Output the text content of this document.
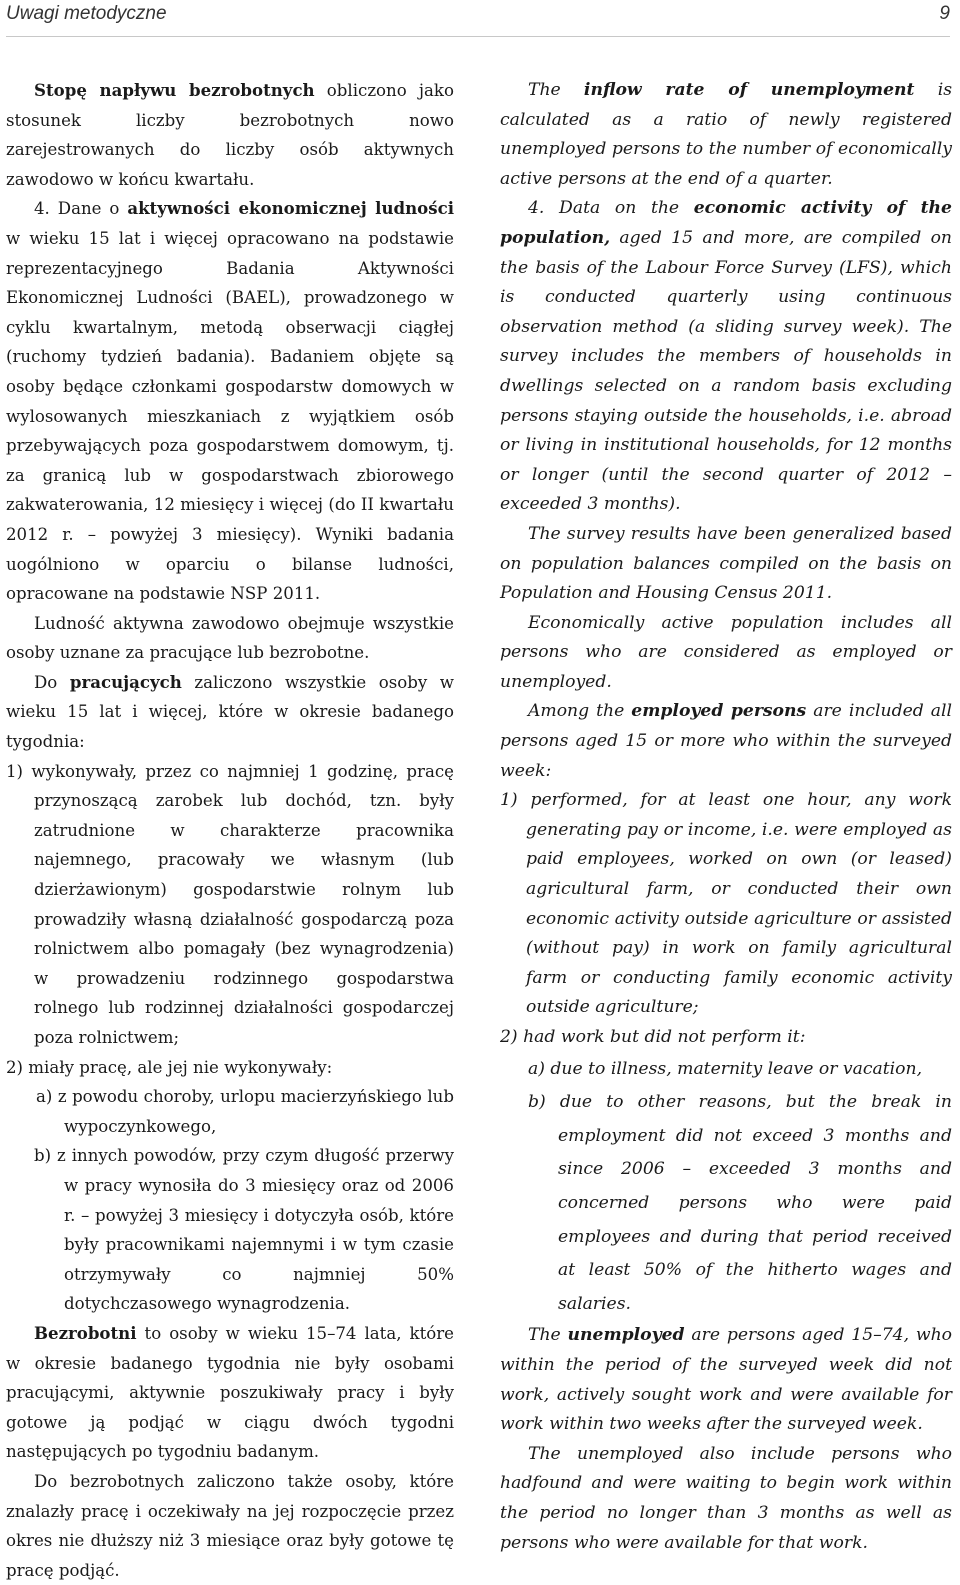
Uwagi metodyczne	9

Stopę napływu bezrobotnych obliczono jako stosunek liczby bezrobotnych nowo zarejestrowanych do liczby osób aktywnych zawodowo w końcu kwartału.

4. Dane o aktywności ekonomicznej ludności w wieku 15 lat i więcej opracowano na podstawie reprezentacyjnego Badania Aktywności Ekonomicznej Ludności (BAEL), prowadzonego w cyklu kwartalnym, metodą obserwacji ciągłej (ruchomy tydzień badania). Badaniem objęte są osoby będące członkami gospodarstw domowych w wylosowanych mieszkaniach z wyjątkiem osób przebywających poza gospodarstwem domowym, tj. za granicą lub w gospodarstwach zbiorowego zakwaterowania, 12 miesięcy i więcej (do II kwartału 2012 r. – powyżej 3 miesięcy). Wyniki badania uogólniono w oparciu o bilanse ludności, opracowane na podstawie NSP 2011.

Ludność aktywna zawodowo obejmuje wszystkie osoby uznane za pracujące lub bezrobotne.

Do pracujących zaliczono wszystkie osoby w wieku 15 lat i więcej, które w okresie badanego tygodnia:

1) wykonywały, przez co najmniej 1 godzinę, pracę przynoszącą zarobek lub dochód, tzn. były zatrudnione w charakterze pracownika najemnego, pracowały we własnym (lub dzierżawionym) gospodarstwie rolnym lub prowadziły własną działalność gospodarczą poza rolnictwem albo pomagały (bez wynagrodzenia) w prowadzeniu rodzinnego gospodarstwa rolnego lub rodzinnej działalności gospodarczej poza rolnictwem;

2) miały pracę, ale jej nie wykonywały:

a) z powodu choroby, urlopu macierzyńskiego lub wypoczynkowego,

b) z innych powodów, przy czym długość przerwy w pracy wynosiła do 3 miesięcy oraz od 2006 r. – powyżej 3 miesięcy i dotyczyła osób, które były pracownikami najemnymi i w tym czasie otrzymywały co najmniej 50% dotychczasowego wynagrodzenia.

Bezrobotni to osoby w wieku 15–74 lata, które w okresie badanego tygodnia nie były osobami pracującymi, aktywnie poszukiwały pracy i były gotowe ją podjąć w ciągu dwóch tygodni następujących po tygodniu badanym.

Do bezrobotnych zaliczono także osoby, które znalazły pracę i oczekiwały na jej rozpoczęcie przez okres nie dłuższy niż 3 miesiące oraz były gotowe tę pracę podjąć.

The inflow rate of unemployment is calculated as a ratio of newly registered unemployed persons to the number of economically active persons at the end of a quarter.

4. Data on the economic activity of the population, aged 15 and more, are compiled on the basis of the Labour Force Survey (LFS), which is conducted quarterly using continuous observation method (a sliding survey week). The survey includes the members of households in dwellings selected on a random basis excluding persons staying outside the households, i.e. abroad or living in institutional households, for 12 months or longer (until the second quarter of 2012 – exceeded 3 months).

The survey results have been generalized based on population balances compiled on the basis on Population and Housing Census 2011.

Economically active population includes all persons who are considered as employed or unemployed.

Among the employed persons are included all persons aged 15 or more who within the surveyed week:

1) performed, for at least one hour, any work generating pay or income, i.e. were employed as paid employees, worked on own (or leased) agricultural farm, or conducted their own economic activity outside agriculture or assisted (without pay) in work on family agricultural farm or conducting family economic activity outside agriculture;

2) had work but did not perform it:

a) due to illness, maternity leave or vacation,

b) due to other reasons, but the break in employment did not exceed 3 months and since 2006 – exceeded 3 months and concerned persons who were paid employees and during that period received at least 50% of the hitherto wages and salaries.

The unemployed are persons aged 15–74, who within the period of the surveyed week did not work, actively sought work and were available for work within two weeks after the surveyed week.

The unemployed also include persons who hadfound and were waiting to begin work within the period no longer than 3 months as well as persons who were available for that work.
